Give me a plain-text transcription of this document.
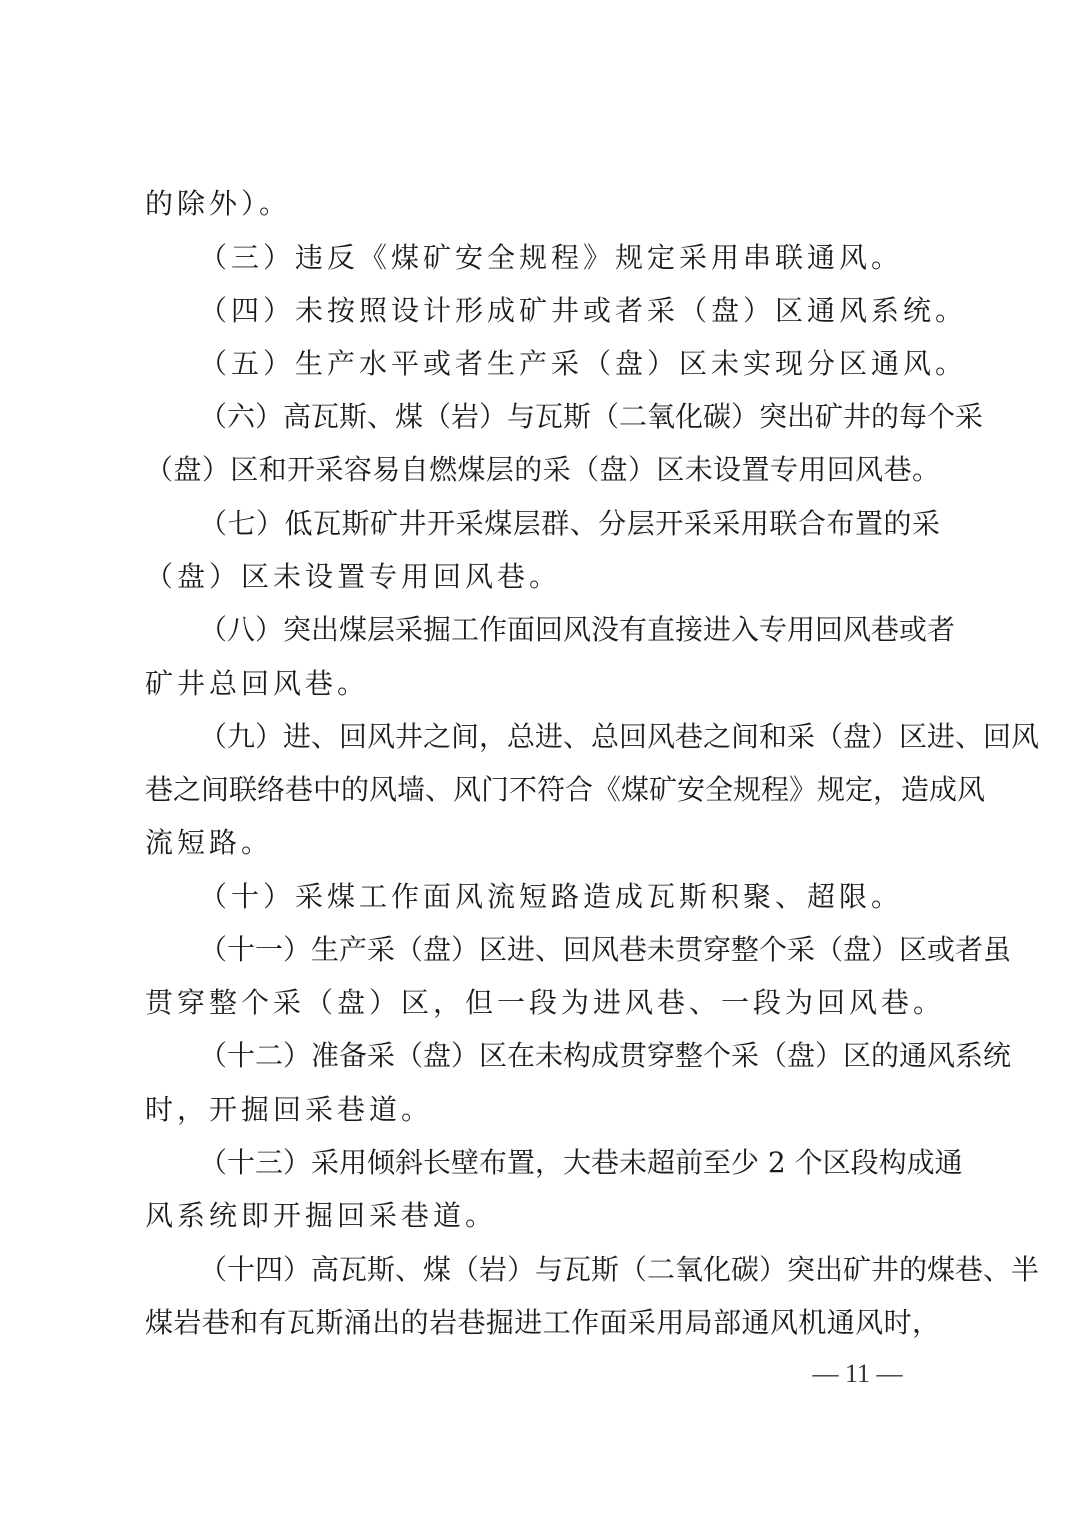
的除外）。
（三）违反《煤矿安全规程》规定采用串联通风。
（四）未按照设计形成矿井或者采（盘）区通风系统。
（五）生产水平或者生产采（盘）区未实现分区通风。
（六）高瓦斯、煤（岩）与瓦斯（二氧化碳）突出矿井的每个采
（盘）区和开采容易自燃煤层的采（盘）区未设置专用回风巷。
（七）低瓦斯矿井开采煤层群、分层开采采用联合布置的采
（盘）区未设置专用回风巷。
（八）突出煤层采掘工作面回风没有直接进入专用回风巷或者
矿井总回风巷。
（九）进、回风井之间，总进、总回风巷之间和采（盘）区进、回风
巷之间联络巷中的风墙、风门不符合《煤矿安全规程》规定，造成风
流短路。
（十）采煤工作面风流短路造成瓦斯积聚、超限。
（十一）生产采（盘）区进、回风巷未贯穿整个采（盘）区或者虽
贯穿整个采（盘）区，但一段为进风巷、一段为回风巷。
（十二）准备采（盘）区在未构成贯穿整个采（盘）区的通风系统
时，开掘回采巷道。
（十三）采用倾斜长壁布置，大巷未超前至少 2 个区段构成通
风系统即开掘回采巷道。
（十四）高瓦斯、煤（岩）与瓦斯（二氧化碳）突出矿井的煤巷、半
煤岩巷和有瓦斯涌出的岩巷掘进工作面采用局部通风机通风时，
— 11 —
